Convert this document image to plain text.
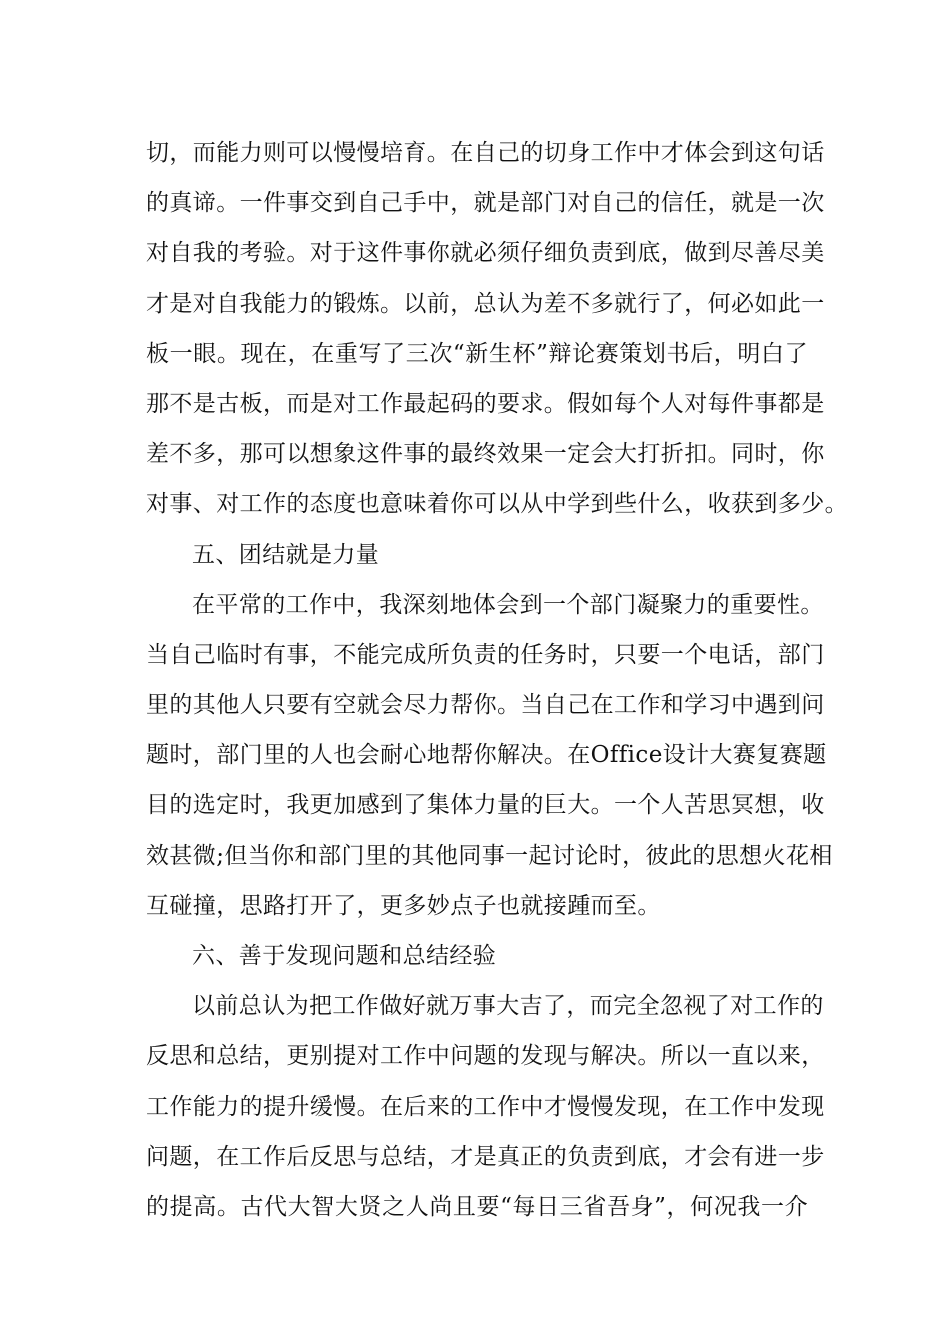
切，而能力则可以慢慢培育。在自己的切身工作中才体会到这句话
的真谛。一件事交到自己手中，就是部门对自己的信任，就是一次
对自我的考验。对于这件事你就必须仔细负责到底，做到尽善尽美
才是对自我能力的锻炼。以前，总认为差不多就行了，何必如此一
板一眼。现在，在重写了三次“新生杯”辩论赛策划书后，明白了
那不是古板，而是对工作最起码的要求。假如每个人对每件事都是
差不多，那可以想象这件事的最终效果一定会大打折扣。同时，你
对事、对工作的态度也意味着你可以从中学到些什么，收获到多少。
五、团结就是力量
在平常的工作中，我深刻地体会到一个部门凝聚力的重要性。
当自己临时有事，不能完成所负责的任务时，只要一个电话，部门
里的其他人只要有空就会尽力帮你。当自己在工作和学习中遇到问
题时，部门里的人也会耐心地帮你解决。在Office设计大赛复赛题
目的选定时，我更加感到了集体力量的巨大。一个人苦思冥想，收
效甚微;但当你和部门里的其他同事一起讨论时，彼此的思想火花相
互碰撞，思路打开了，更多妙点子也就接踵而至。
六、善于发现问题和总结经验
以前总认为把工作做好就万事大吉了，而完全忽视了对工作的
反思和总结，更别提对工作中问题的发现与解决。所以一直以来，
工作能力的提升缓慢。在后来的工作中才慢慢发现，在工作中发现
问题，在工作后反思与总结，才是真正的负责到底，才会有进一步
的提高。古代大智大贤之人尚且要“每日三省吾身”，何况我一介
